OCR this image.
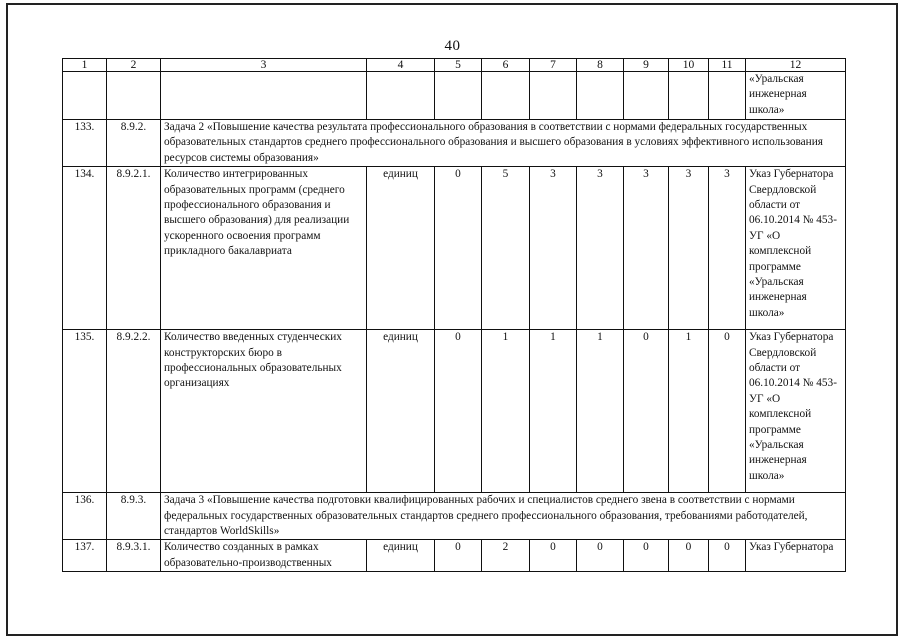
40
1	2	3	4	5	6	7	8	9	10	11	12
											«Уральская инженерная школа»
133.	8.9.2.	Задача 2 «Повышение качества результата профессионального образования в соответствии с нормами федеральных государственных образовательных стандартов среднего профессионального образования и высшего образования в условиях эффективного использования ресурсов системы образования»									
134.	8.9.2.1.	Количество интегрированных образовательных программ (среднего профессионального образования и высшего образования) для реализации ускоренного освоения программ прикладного бакалавриата	единиц	0	5	3	3	3	3	3	Указ Губернатора Свердловской области от 06.10.2014 № 453-УГ «О комплексной программе «Уральская инженерная школа»
135.	8.9.2.2.	Количество введенных студенческих конструкторских бюро в профессиональных образовательных организациях	единиц	0	1	1	1	0	1	0	Указ Губернатора Свердловской области от 06.10.2014 № 453-УГ «О комплексной программе «Уральская инженерная школа»
136.	8.9.3.	Задача 3 «Повышение качества подготовки квалифицированных рабочих и специалистов среднего звена в соответствии с нормами федеральных государственных образовательных стандартов среднего профессионального образования, требованиями работодателей, стандартов WorldSkills»									
137.	8.9.3.1.	Количество созданных в рамках образовательно-производственных	единиц	0	2	0	0	0	0	0	Указ Губернатора
